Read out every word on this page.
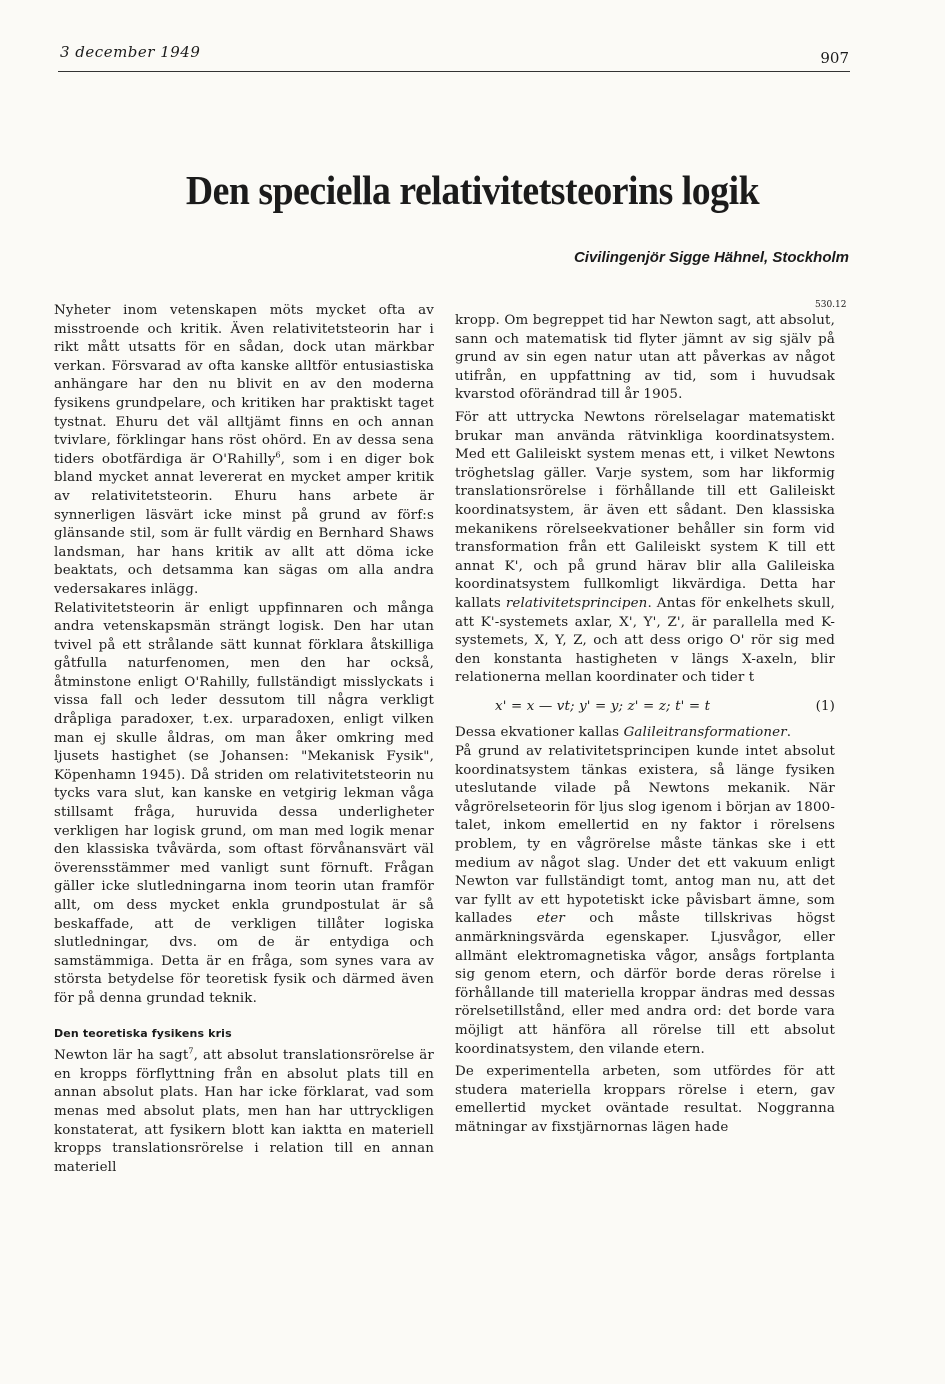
3 december 1949	907
Den speciella relativitetsteorins logik
Civilingenjör Sigge Hähnel, Stockholm
530.12

Nyheter inom vetenskapen möts mycket ofta av misstroende och kritik. Även relativitetsteorin har i rikt mått utsatts för en sådan, dock utan märkbar verkan. Försvarad av ofta kanske alltför entusiastiska anhängare har den nu blivit en av den moderna fysikens grundpelare, och kritiken har praktiskt taget tystnat. Ehuru det väl alltjämt finns en och annan tvivlare, förklingar hans röst ohörd. En av dessa sena tiders obotfärdiga är O'Rahilly$^6$, som i en diger bok bland mycket annat levererat en mycket amper kritik av relativitetsteorin. Ehuru hans arbete är synnerligen läsvärt icke minst på grund av förf:s glänsande stil, som är fullt värdig en Bernhard Shaws landsman, har hans kritik av allt att döma icke beaktats, och detsamma kan sägas om alla andra vedersakares inlägg.

Relativitetsteorin är enligt uppfinnaren och många andra vetenskapsmän strängt logisk. Den har utan tvivel på ett strålande sätt kunnat förklara åtskilliga gåtfulla naturfenomen, men den har också, åtminstone enligt O'Rahilly, fullständigt misslyckats i vissa fall och leder dessutom till några verkligt dråpliga paradoxer, t.ex. urparadoxen, enligt vilken man ej skulle åldras, om man åker omkring med ljusets hastighet (se Johansen: "Mekanisk Fysik", Köpenhamn 1945). Då striden om relativitetsteorin nu tycks vara slut, kan kanske en vetgirig lekman våga stillsamt fråga, huruvida dessa underligheter verkligen har logisk grund, om man med logik menar den klassiska tvåvärda, som oftast förvånansvärt väl överensstämmer med vanligt sunt förnuft. Frågan gäller icke slutledningarna inom teorin utan framför allt, om dess mycket enkla grundpostulat är så beskaffade, att de verkligen tillåter logiska slutledningar, dvs. om de är entydiga och samstämmiga. Detta är en fråga, som synes vara av största betydelse för teoretisk fysik och därmed även för på denna grundad teknik.

Den teoretiska fysikens kris

Newton lär ha sagt$^7$, att absolut translationsrörelse är en kropps förflyttning från en absolut plats till en annan absolut plats. Han har icke förklarat, vad som menas med absolut plats, men han har uttryckligen konstaterat, att fysikern blott kan iaktta en materiell kropps translationsrörelse i relation till en annan materiell

kropp. Om begreppet tid har Newton sagt, att absolut, sann och matematisk tid flyter jämnt av sig själv på grund av sin egen natur utan att påverkas av något utifrån, en uppfattning av tid, som i huvudsak kvarstod oförändrad till år 1905.

För att uttrycka Newtons rörelselagar matematiskt brukar man använda rätvinkliga koordinatsystem. Med ett Galileiskt system menas ett, i vilket Newtons tröghetslag gäller. Varje system, som har likformig translationsrörelse i förhållande till ett Galileiskt koordinatsystem, är även ett sådant. Den klassiska mekanikens rörelseekvationer behåller sin form vid transformation från ett Galileiskt system K till ett annat K', och på grund härav blir alla Galileiska koordinatsystem fullkomligt likvärdiga. Detta har kallats relativitetsprincipen. Antas för enkelhets skull, att K'-systemets axlar, X', Y', Z', är parallella med K-systemets, X, Y, Z, och att dess origo O' rör sig med den konstanta hastigheten v längs X-axeln, blir relationerna mellan koordinater och tider t

x' = x — vt; y' = y; z' = z; t' = t	(1)

Dessa ekvationer kallas Galileitransformationer.

På grund av relativitetsprincipen kunde intet absolut koordinatsystem tänkas existera, så länge fysiken uteslutande vilade på Newtons mekanik. När vågrörelseteorin för ljus slog igenom i början av 1800-talet, inkom emellertid en ny faktor i rörelsens problem, ty en vågrörelse måste tänkas ske i ett medium av något slag. Under det ett vakuum enligt Newton var fullständigt tomt, antog man nu, att det var fyllt av ett hypotetiskt icke påvisbart ämne, som kallades eter och måste tillskrivas högst anmärkningsvärda egenskaper. Ljusvågor, eller allmänt elektromagnetiska vågor, ansågs fortplanta sig genom etern, och därför borde deras rörelse i förhållande till materiella kroppar ändras med dessas rörelsetillstånd, eller med andra ord: det borde vara möjligt att hänföra all rörelse till ett absolut koordinatsystem, den vilande etern.

De experimentella arbeten, som utfördes för att studera materiella kroppars rörelse i etern, gav emellertid mycket oväntade resultat. Noggranna mätningar av fixstjärnornas lägen hade
